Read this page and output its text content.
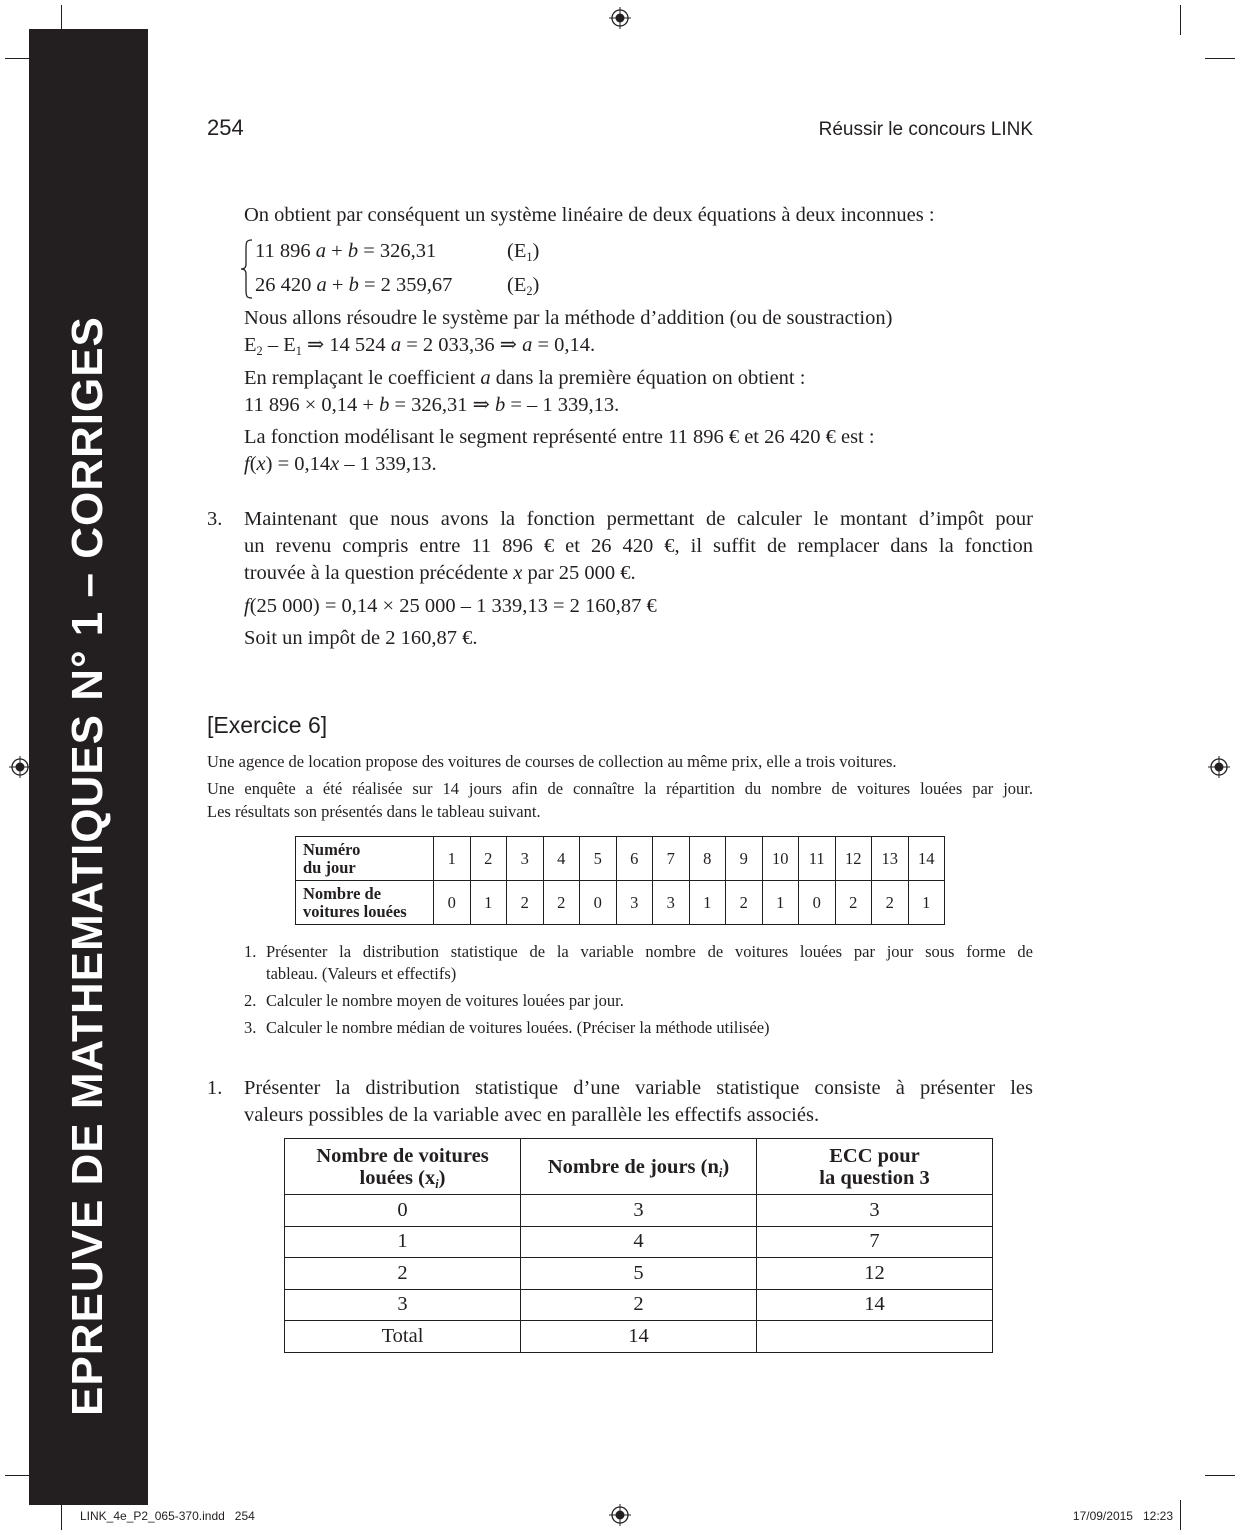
EPREUVE DE MATHEMATIQUES N° 1 – CORRIGES
254	Réussir le concours LINK
On obtient par conséquent un système linéaire de deux équations à deux inconnues :
11 896 a + b = 326,31	$(E_1)$
26 420 a + b = 2 359,67	$(E_2)$
Nous allons résoudre le système par la méthode d’addition (ou de soustraction)
$E_2 - E_1$ ⇒ 14 524 a = 2 033,36 ⇒ a = 0,14.
En remplaçant le coefficient a dans la première équation on obtient :
11 896 × 0,14 + b = 326,31 ⇒ b = – 1 339,13.
La fonction modélisant le segment représenté entre 11 896 € et 26 420 € est :
f(x) = 0,14x – 1 339,13.
3. Maintenant que nous avons la fonction permettant de calculer le montant d’impôt pour
un revenu compris entre 11 896 € et 26 420 €, il suffit de remplacer dans la fonction
trouvée à la question précédente x par 25 000 €.
f(25 000) = 0,14 × 25 000 – 1 339,13 = 2 160,87 €
Soit un impôt de 2 160,87 €.
[Exercice 6]
Une agence de location propose des voitures de courses de collection au même prix, elle a trois voitures.
Une enquête a été réalisée sur 14 jours afin de connaître la répartition du nombre de voitures louées par jour.
Les résultats son présentés dans le tableau suivant.
Numéro
du jour	1	2	3	4	5	6	7	8	9	10	11	12	13	14
Nombre de
voitures louées	0	1	2	2	0	3	3	1	2	1	0	2	2	1
1. Présenter la distribution statistique de la variable nombre de voitures louées par jour sous forme de
tableau. (Valeurs et effectifs)
2. Calculer le nombre moyen de voitures louées par jour.
3. Calculer le nombre médian de voitures louées. (Préciser la méthode utilisée)
1. Présenter la distribution statistique d’une variable statistique consiste à présenter les
valeurs possibles de la variable avec en parallèle les effectifs associés.
Nombre de voitures
louées $(x_i)$	Nombre de jours $(n_i)$	ECC pour
la question 3
0	3	3
1	4	7
2	5	12
3	2	14
Total	14	
LINK_4e_P2_065-370.indd   254	17/09/2015   12:23
